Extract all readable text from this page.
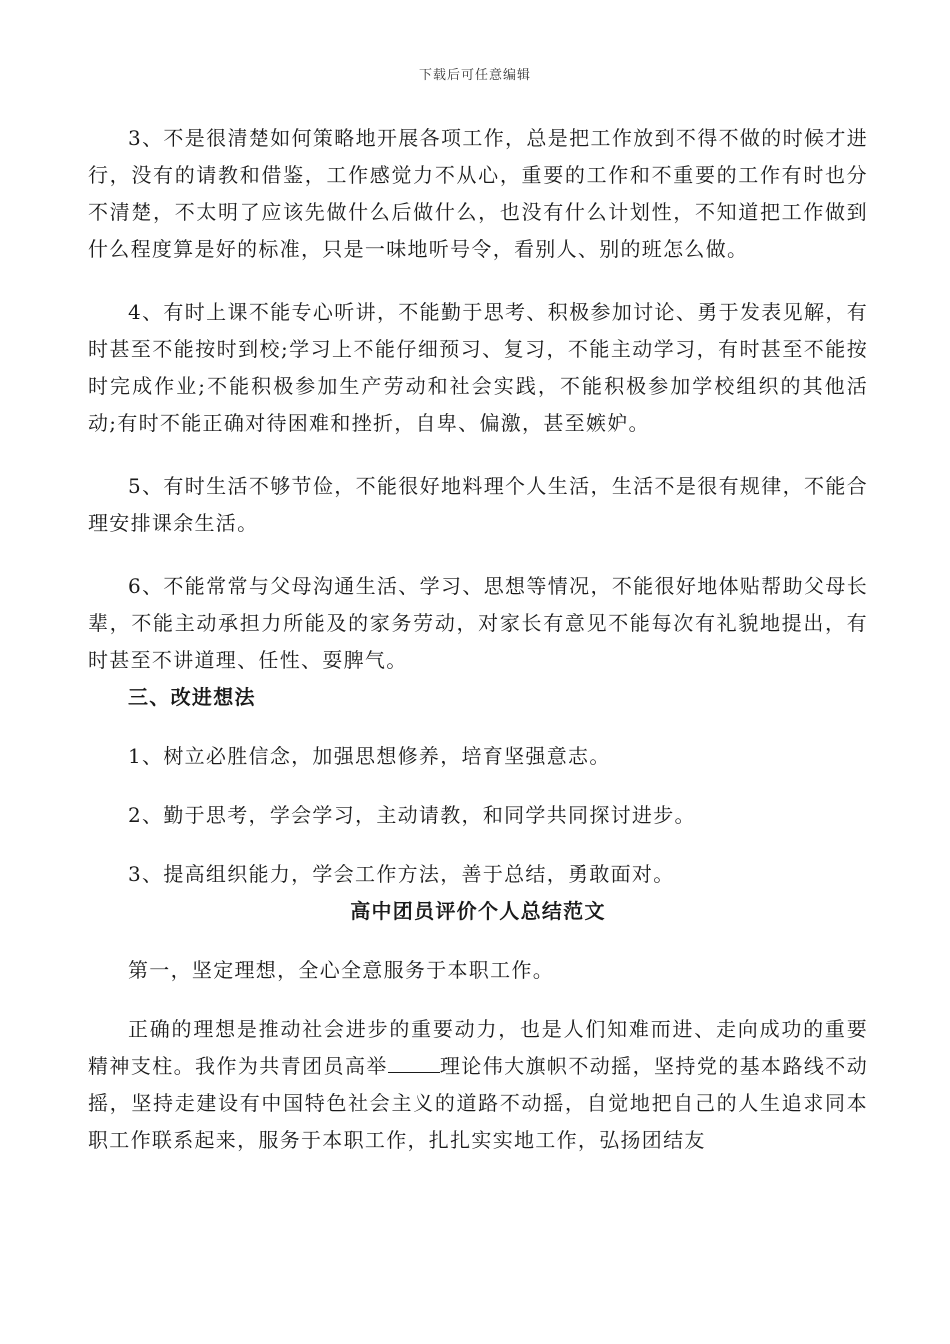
下载后可任意编辑

3、不是很清楚如何策略地开展各项工作，总是把工作放到不得不做的时候才进行，没有的请教和借鉴，工作感觉力不从心，重要的工作和不重要的工作有时也分不清楚，不太明了应该先做什么后做什么，也没有什么计划性，不知道把工作做到什么程度算是好的标准，只是一味地听号令，看别人、别的班怎么做。

4、有时上课不能专心听讲，不能勤于思考、积极参加讨论、勇于发表见解，有时甚至不能按时到校;学习上不能仔细预习、复习，不能主动学习，有时甚至不能按时完成作业;不能积极参加生产劳动和社会实践，不能积极参加学校组织的其他活动;有时不能正确对待困难和挫折，自卑、偏激，甚至嫉妒。

5、有时生活不够节俭，不能很好地料理个人生活，生活不是很有规律，不能合理安排课余生活。

6、不能常常与父母沟通生活、学习、思想等情况，不能很好地体贴帮助父母长辈，不能主动承担力所能及的家务劳动，对家长有意见不能每次有礼貌地提出，有时甚至不讲道理、任性、耍脾气。

三、改进想法

1、树立必胜信念，加强思想修养，培育坚强意志。

2、勤于思考，学会学习，主动请教，和同学共同探讨进步。

3、提高组织能力，学会工作方法，善于总结，勇敢面对。

高中团员评价个人总结范文

第一，坚定理想，全心全意服务于本职工作。

正确的理想是推动社会进步的重要动力，也是人们知难而进、走向成功的重要精神支柱。我作为共青团员高举	理论伟大旗帜不动摇，坚持党的基本路线不动摇，坚持走建设有中国特色社会主义的道路不动摇，自觉地把自己的人生追求同本职工作联系起来，服务于本职工作，扎扎实实地工作，弘扬团结友
